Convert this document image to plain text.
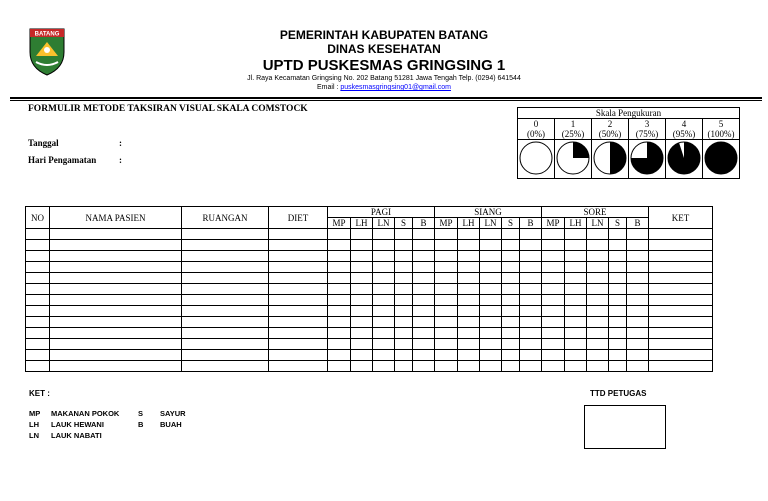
BATANG	PEMERINTAH KABUPATEN BATANG
DINAS KESEHATAN
UPTD PUSKESMAS GRINGSING 1
Jl. Raya Kecamatan Gringsing No. 202 Batang 51281 Jawa Tengah Telp. (0294) 641544
Email : puskesmasgringsing01@gmail.com
FORMULIR METODE TAKSIRAN VISUAL SKALA COMSTOCK
Tanggal	:
Hari Pengamatan	:
Skala Pengukuran					
0	1	2	3	4	5
(0%)	(25%)	(50%)	(75%)	(95%)	(100%)

NO	NAMA PASIEN	RUANGAN	DIET	PAGI					SIANG					SORE					KET
				MP	LH	LN	S	B	MP	LH	LN	S	B	MP	LH	LN	S	B	

KET :
MP MAKANAN POKOK
LH LAUK HEWANI
LN LAUK NABATI
S SAYUR
B BUAH
TTD PETUGAS
